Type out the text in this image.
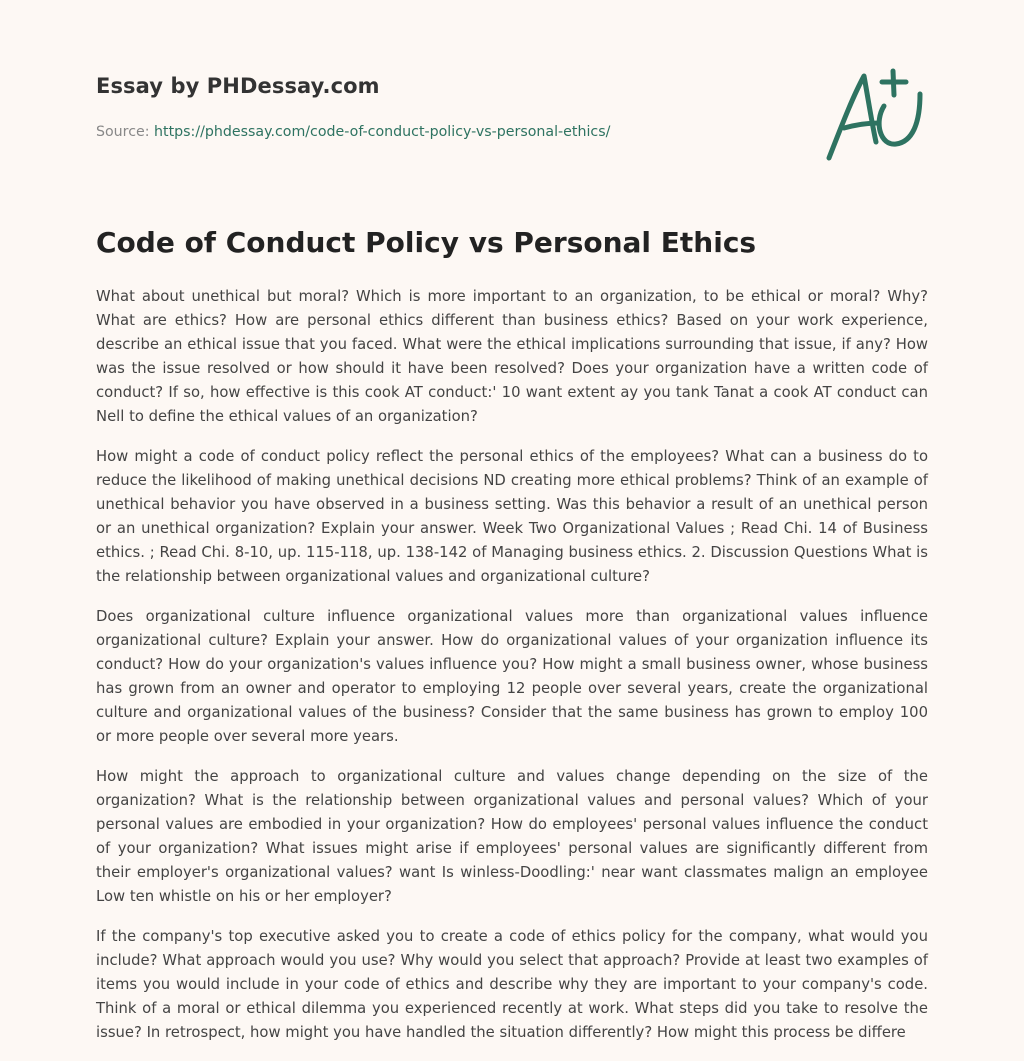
Essay by PHDessay.com
Source: https://phdessay.com/code-of-conduct-policy-vs-personal-ethics/
Code of Conduct Policy vs Personal Ethics

What about unethical but moral? Which is more important to an organization, to be ethical or moral? Why? What are ethics? How are personal ethics different than business ethics? Based on your work experience, describe an ethical issue that you faced. What were the ethical implications surrounding that issue, if any? How was the issue resolved or how should it have been resolved? Does your organization have a written code of conduct? If so, how effective is this cook AT conduct:' 10 want extent ay you tank Tanat a cook AT conduct can Nell to define the ethical values of an organization?

How might a code of conduct policy reflect the personal ethics of the employees? What can a business do to reduce the likelihood of making unethical decisions ND creating more ethical problems? Think of an example of unethical behavior you have observed in a business setting. Was this behavior a result of an unethical person or an unethical organization? Explain your answer. Week Two Organizational Values ; Read Chi. 14 of Business ethics. ; Read Chi. 8-10, up. 115-118, up. 138-142 of Managing business ethics. 2. Discussion Questions What is the relationship between organizational values and organizational culture?

Does organizational culture influence organizational values more than organizational values influence organizational culture? Explain your answer. How do organizational values of your organization influence its conduct? How do your organization's values influence you? How might a small business owner, whose business has grown from an owner and operator to employing 12 people over several years, create the organizational culture and organizational values of the business? Consider that the same business has grown to employ 100 or more people over several more years.

How might the approach to organizational culture and values change depending on the size of the organization? What is the relationship between organizational values and personal values? Which of your personal values are embodied in your organization? How do employees' personal values influence the conduct of your organization? What issues might arise if employees' personal values are significantly different from their employer's organizational values? want Is winless-Doodling:' near want classmates malign an employee Low ten whistle on his or her employer?

If the company's top executive asked you to create a code of ethics policy for the company, what would you include? What approach would you use? Why would you select that approach? Provide at least two examples of items you would include in your code of ethics and describe why they are important to your company's code. Think of a moral or ethical dilemma you experienced recently at work. What steps did you take to resolve the issue? In retrospect, how might you have handled the situation differently? How might this process be differe
